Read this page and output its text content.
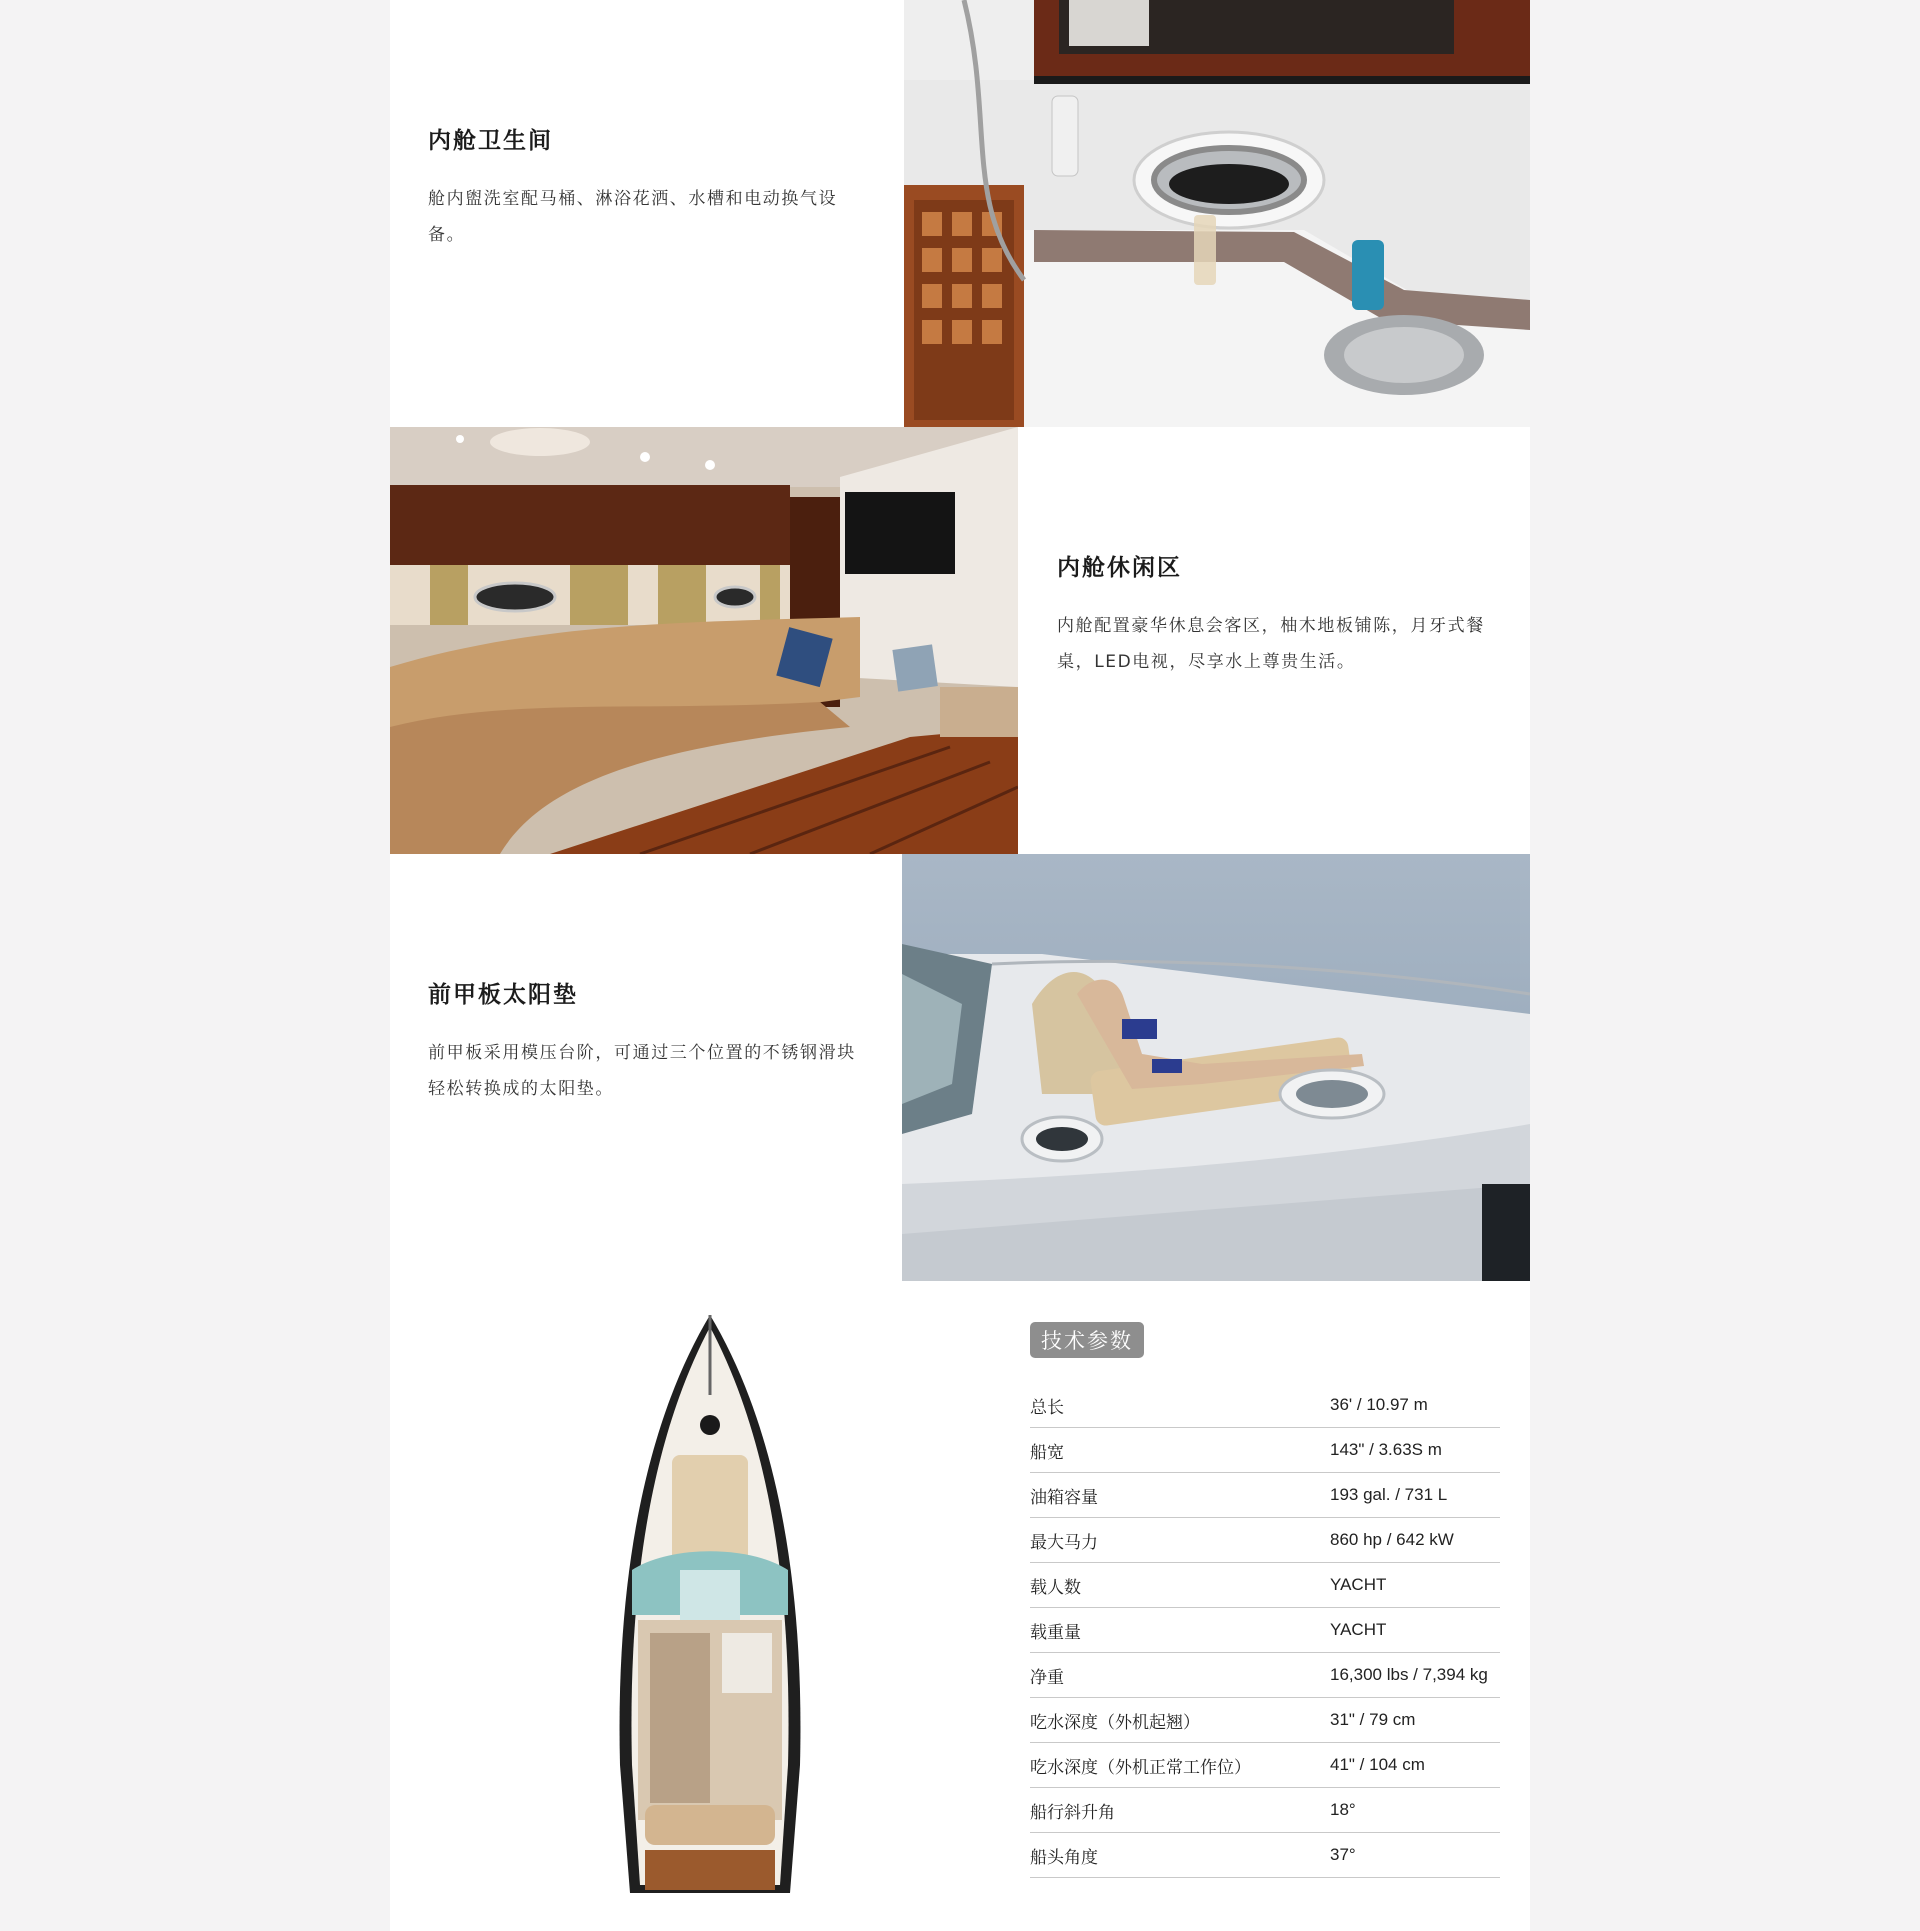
内舱卫生间
舱内盥洗室配马桶、淋浴花洒、水槽和电动换气设备。
内舱休闲区
内舱配置豪华休息会客区，柚木地板铺陈，月牙式餐桌，LED电视，尽享水上尊贵生活。
前甲板太阳垫
前甲板采用模压台阶，可通过三个位置的不锈钢滑块轻松转换成的太阳垫。
技术参数
总长	36' / 10.97 m
船宽	143" / 3.63S m
油箱容量	193 gal. / 731 L
最大马力	860 hp / 642 kW
载人数	YACHT
载重量	YACHT
净重	16,300 lbs / 7,394 kg
吃水深度（外机起翘）	31" / 79 cm
吃水深度（外机正常工作位）	41" / 104 cm
船行斜升角	18°
船头角度	37°
